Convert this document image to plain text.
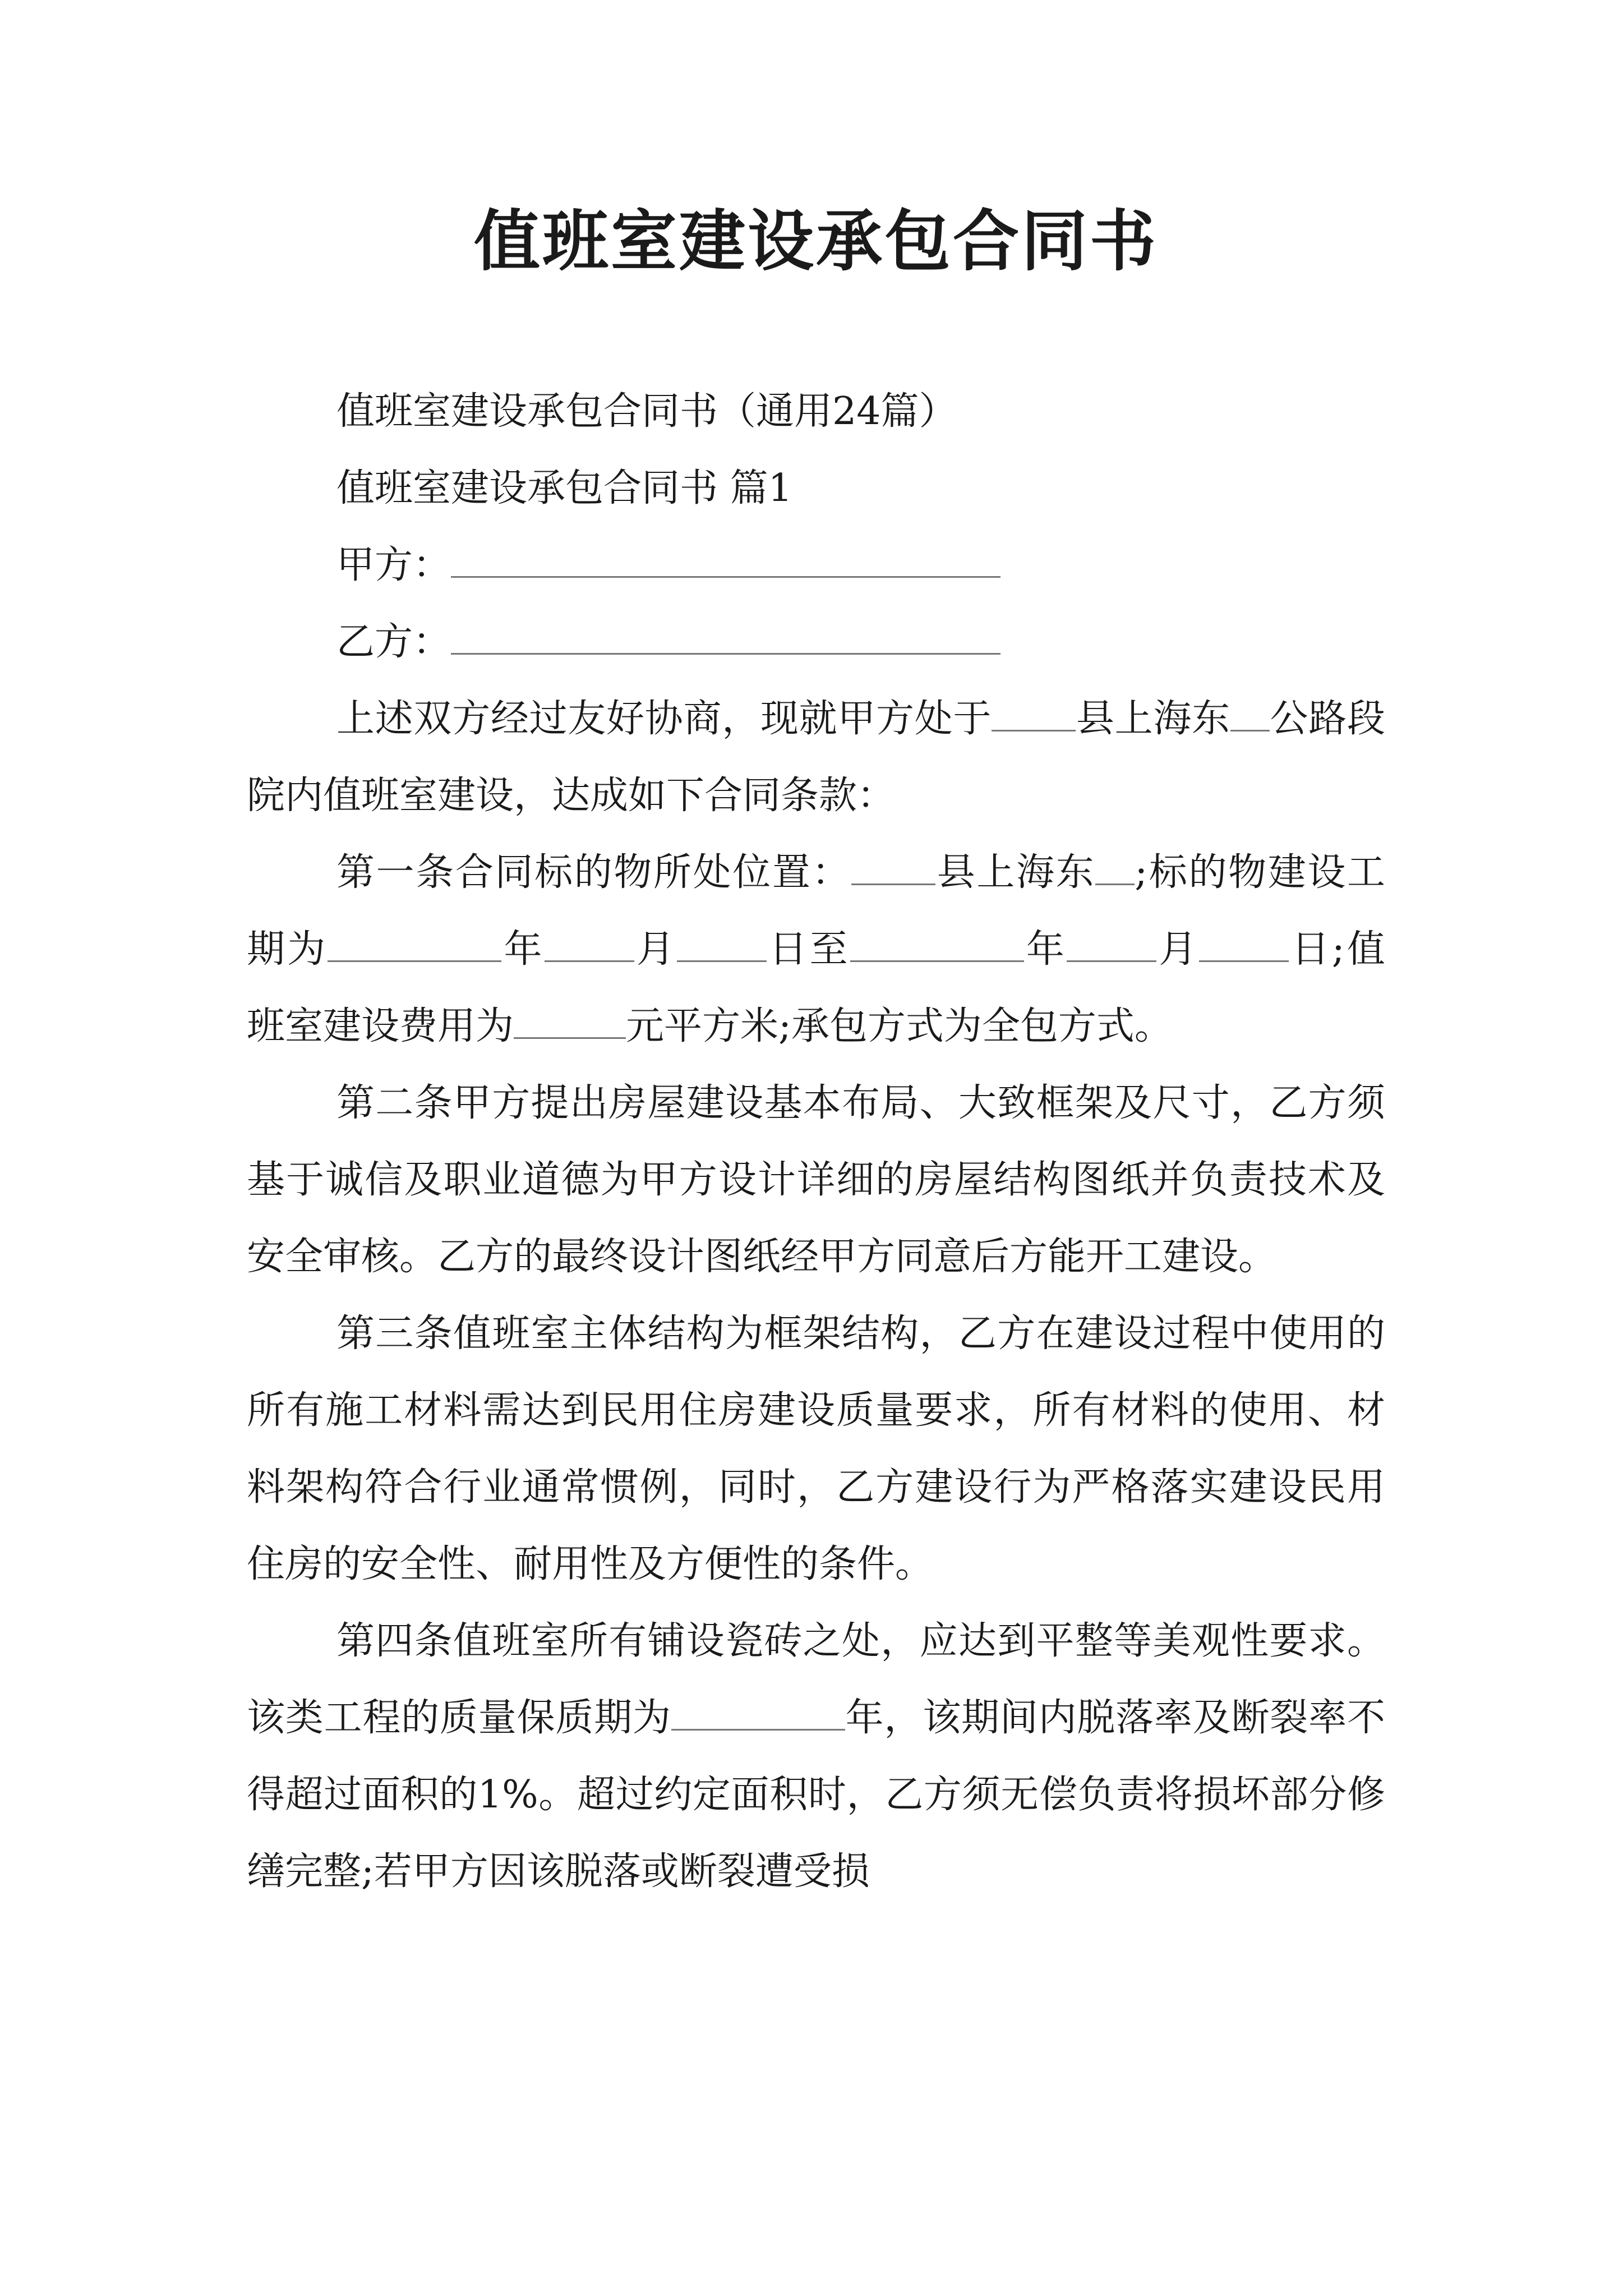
值班室建设承包合同书

值班室建设承包合同书（通用24篇）

值班室建设承包合同书 篇1

甲方：

乙方：

上述双方经过友好协商，现就甲方处于 县上海东 公路段院内值班室建设，达成如下合同条款：

第一条合同标的物所处位置： 县上海东 ;标的物建设工期为	年 月 日至	年 月 日;值班室建设费用为	元平方米;承包方式为全包方式。

第二条甲方提出房屋建设基本布局、大致框架及尺寸，乙方须基于诚信及职业道德为甲方设计详细的房屋结构图纸并负责技术及安全审核。乙方的最终设计图纸经甲方同意后方能开工建设。

第三条值班室主体结构为框架结构，乙方在建设过程中使用的所有施工材料需达到民用住房建设质量要求，所有材料的使用、材料架构符合行业通常惯例，同时，乙方建设行为严格落实建设民用住房的安全性、耐用性及方便性的条件。

第四条值班室所有铺设瓷砖之处，应达到平整等美观性要求。该类工程的质量保质期为	年，该期间内脱落率及断裂率不得超过面积的1%。超过约定面积时，乙方须无偿负责将损坏部分修缮完整;若甲方因该脱落或断裂遭受损
